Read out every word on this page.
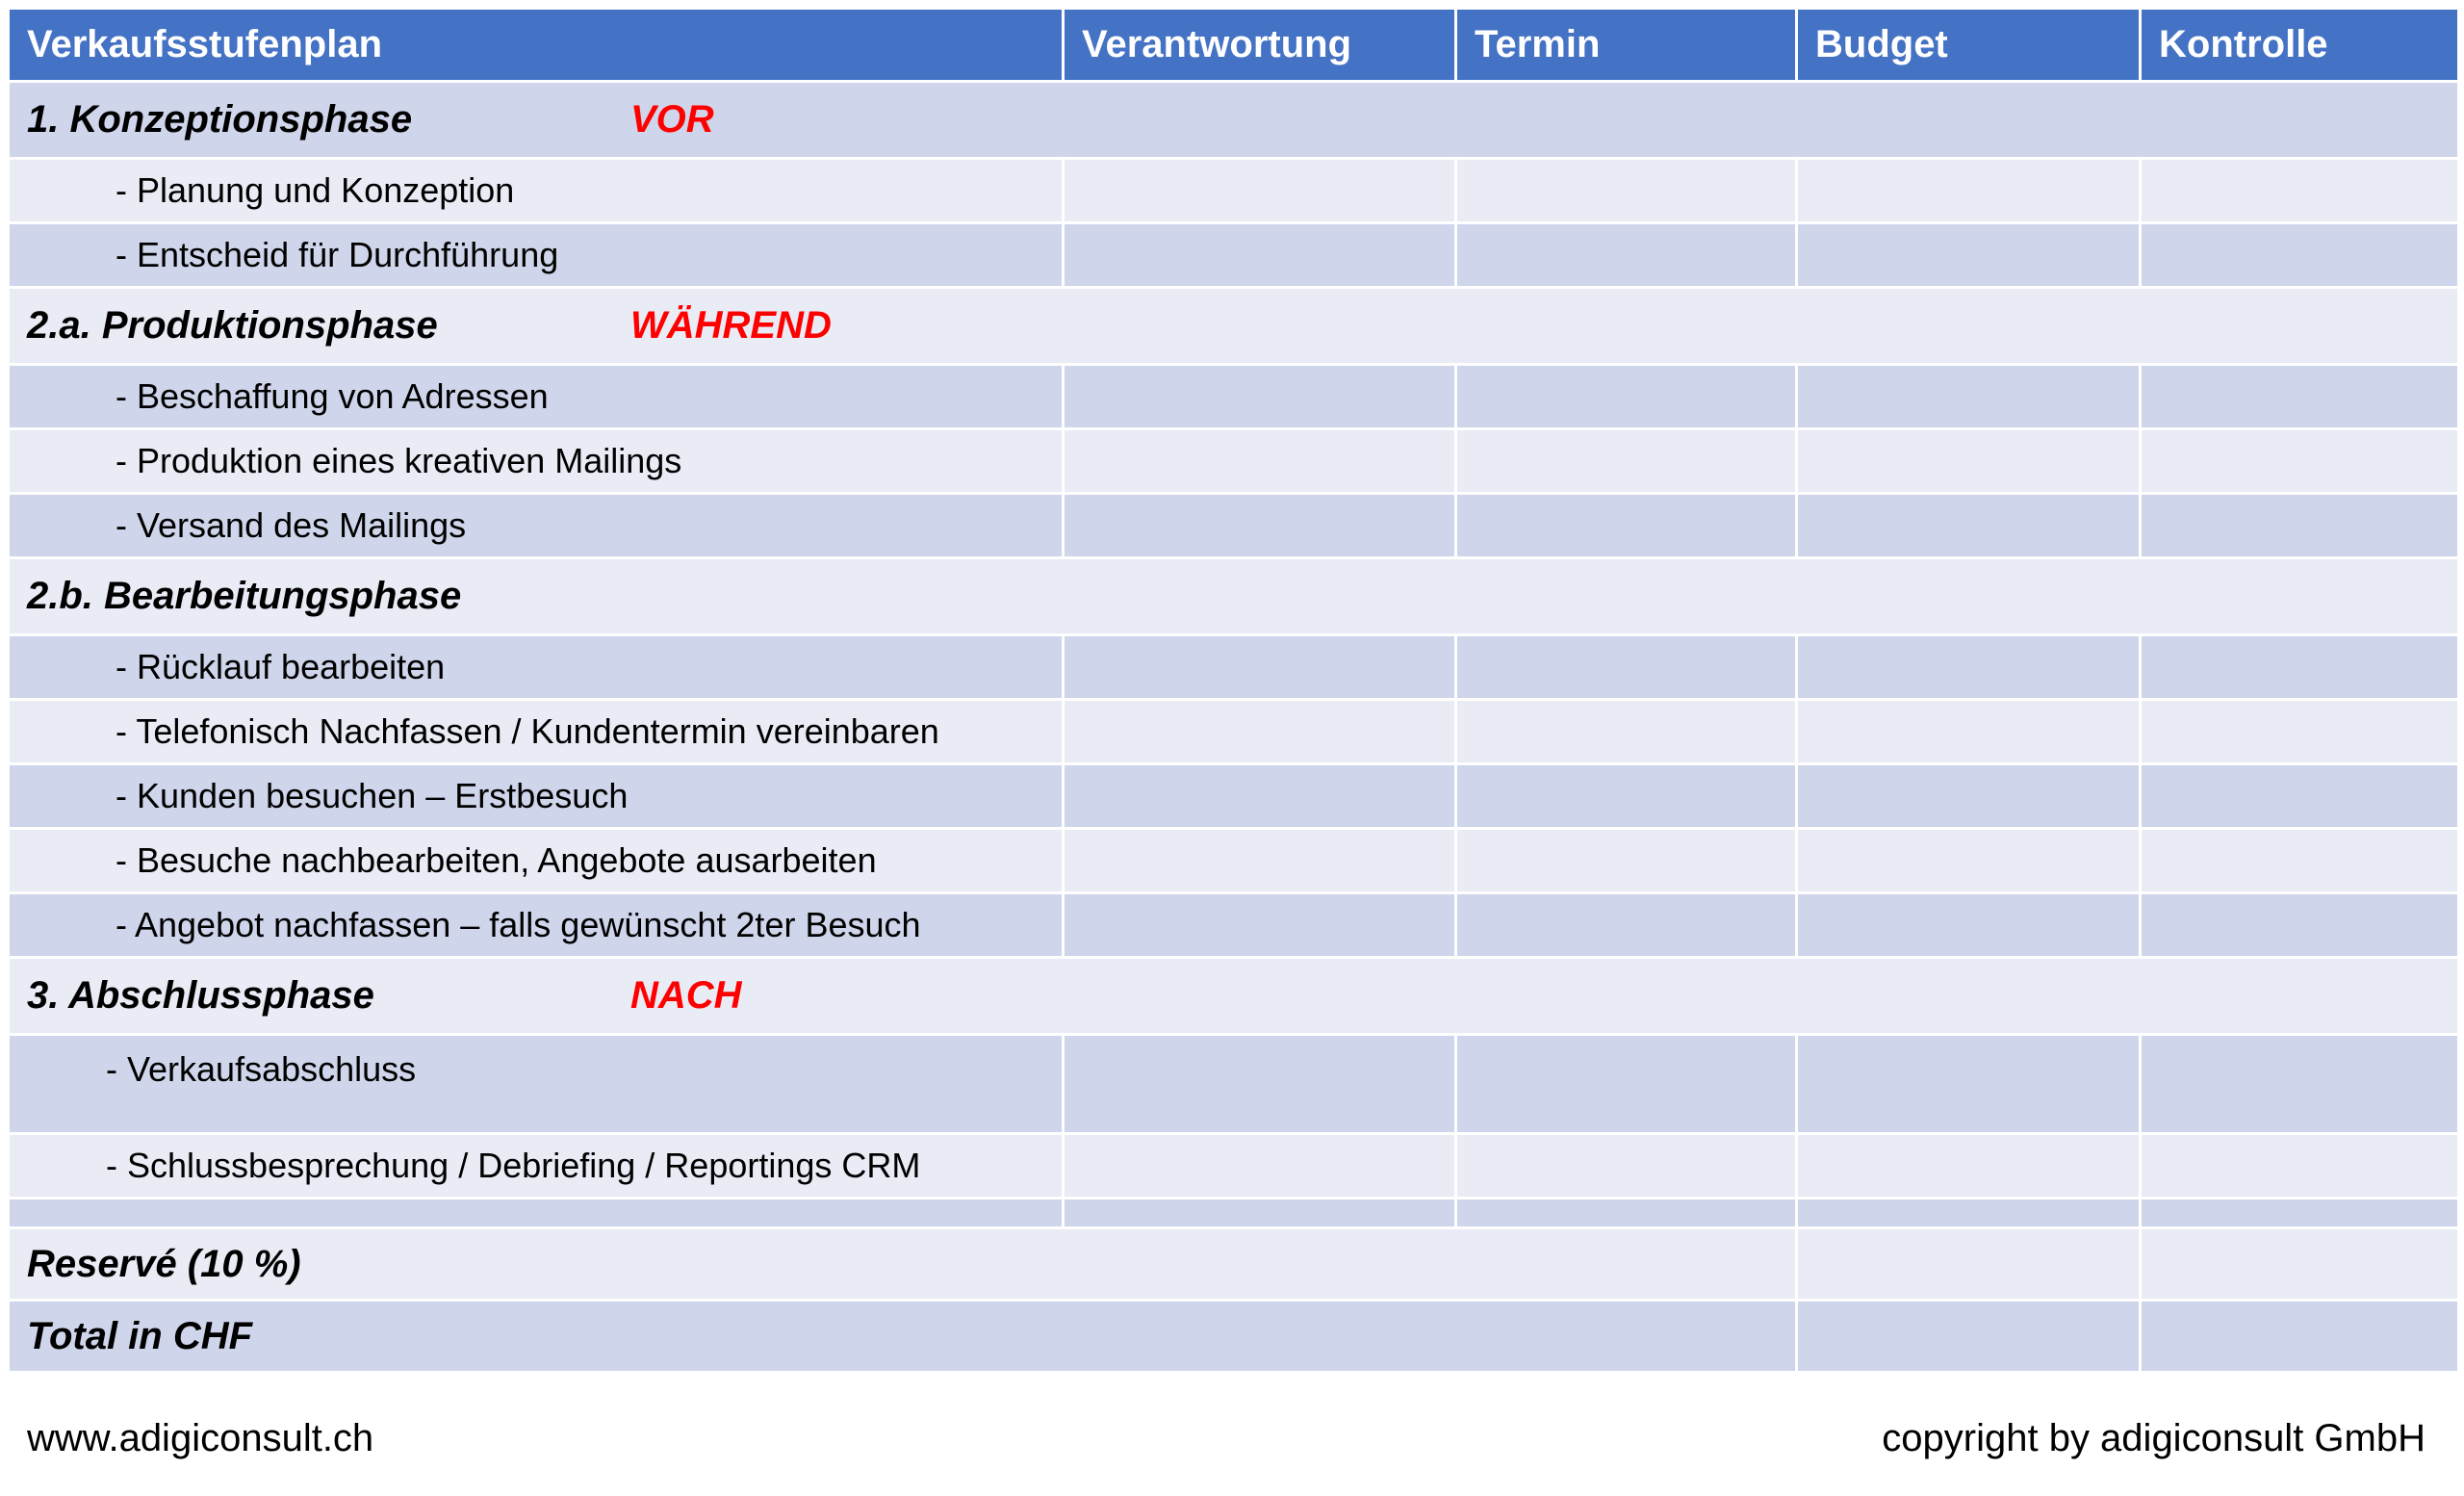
Verkaufsstufenplan	Verantwortung	Termin	Budget	Kontrolle
1. Konzeptionsphase VOR				
- Planung und Konzeption				
- Entscheid für Durchführung				
2.a. Produktionsphase WÄHREND				
- Beschaffung von Adressen				
- Produktion eines kreativen Mailings				
- Versand des Mailings				
2.b. Bearbeitungsphase				
- Rücklauf bearbeiten				
- Telefonisch Nachfassen / Kundentermin vereinbaren				
- Kunden besuchen – Erstbesuch				
- Besuche nachbearbeiten, Angebote ausarbeiten				
- Angebot nachfassen – falls gewünscht 2ter Besuch				
3. Abschlussphase NACH				
- Verkaufsabschluss				
- Schlussbesprechung / Debriefing / Reportings CRM				

Reservé (10 %)				
Total in CHF				
www.adigiconsult.ch	copyright by adigiconsult GmbH
